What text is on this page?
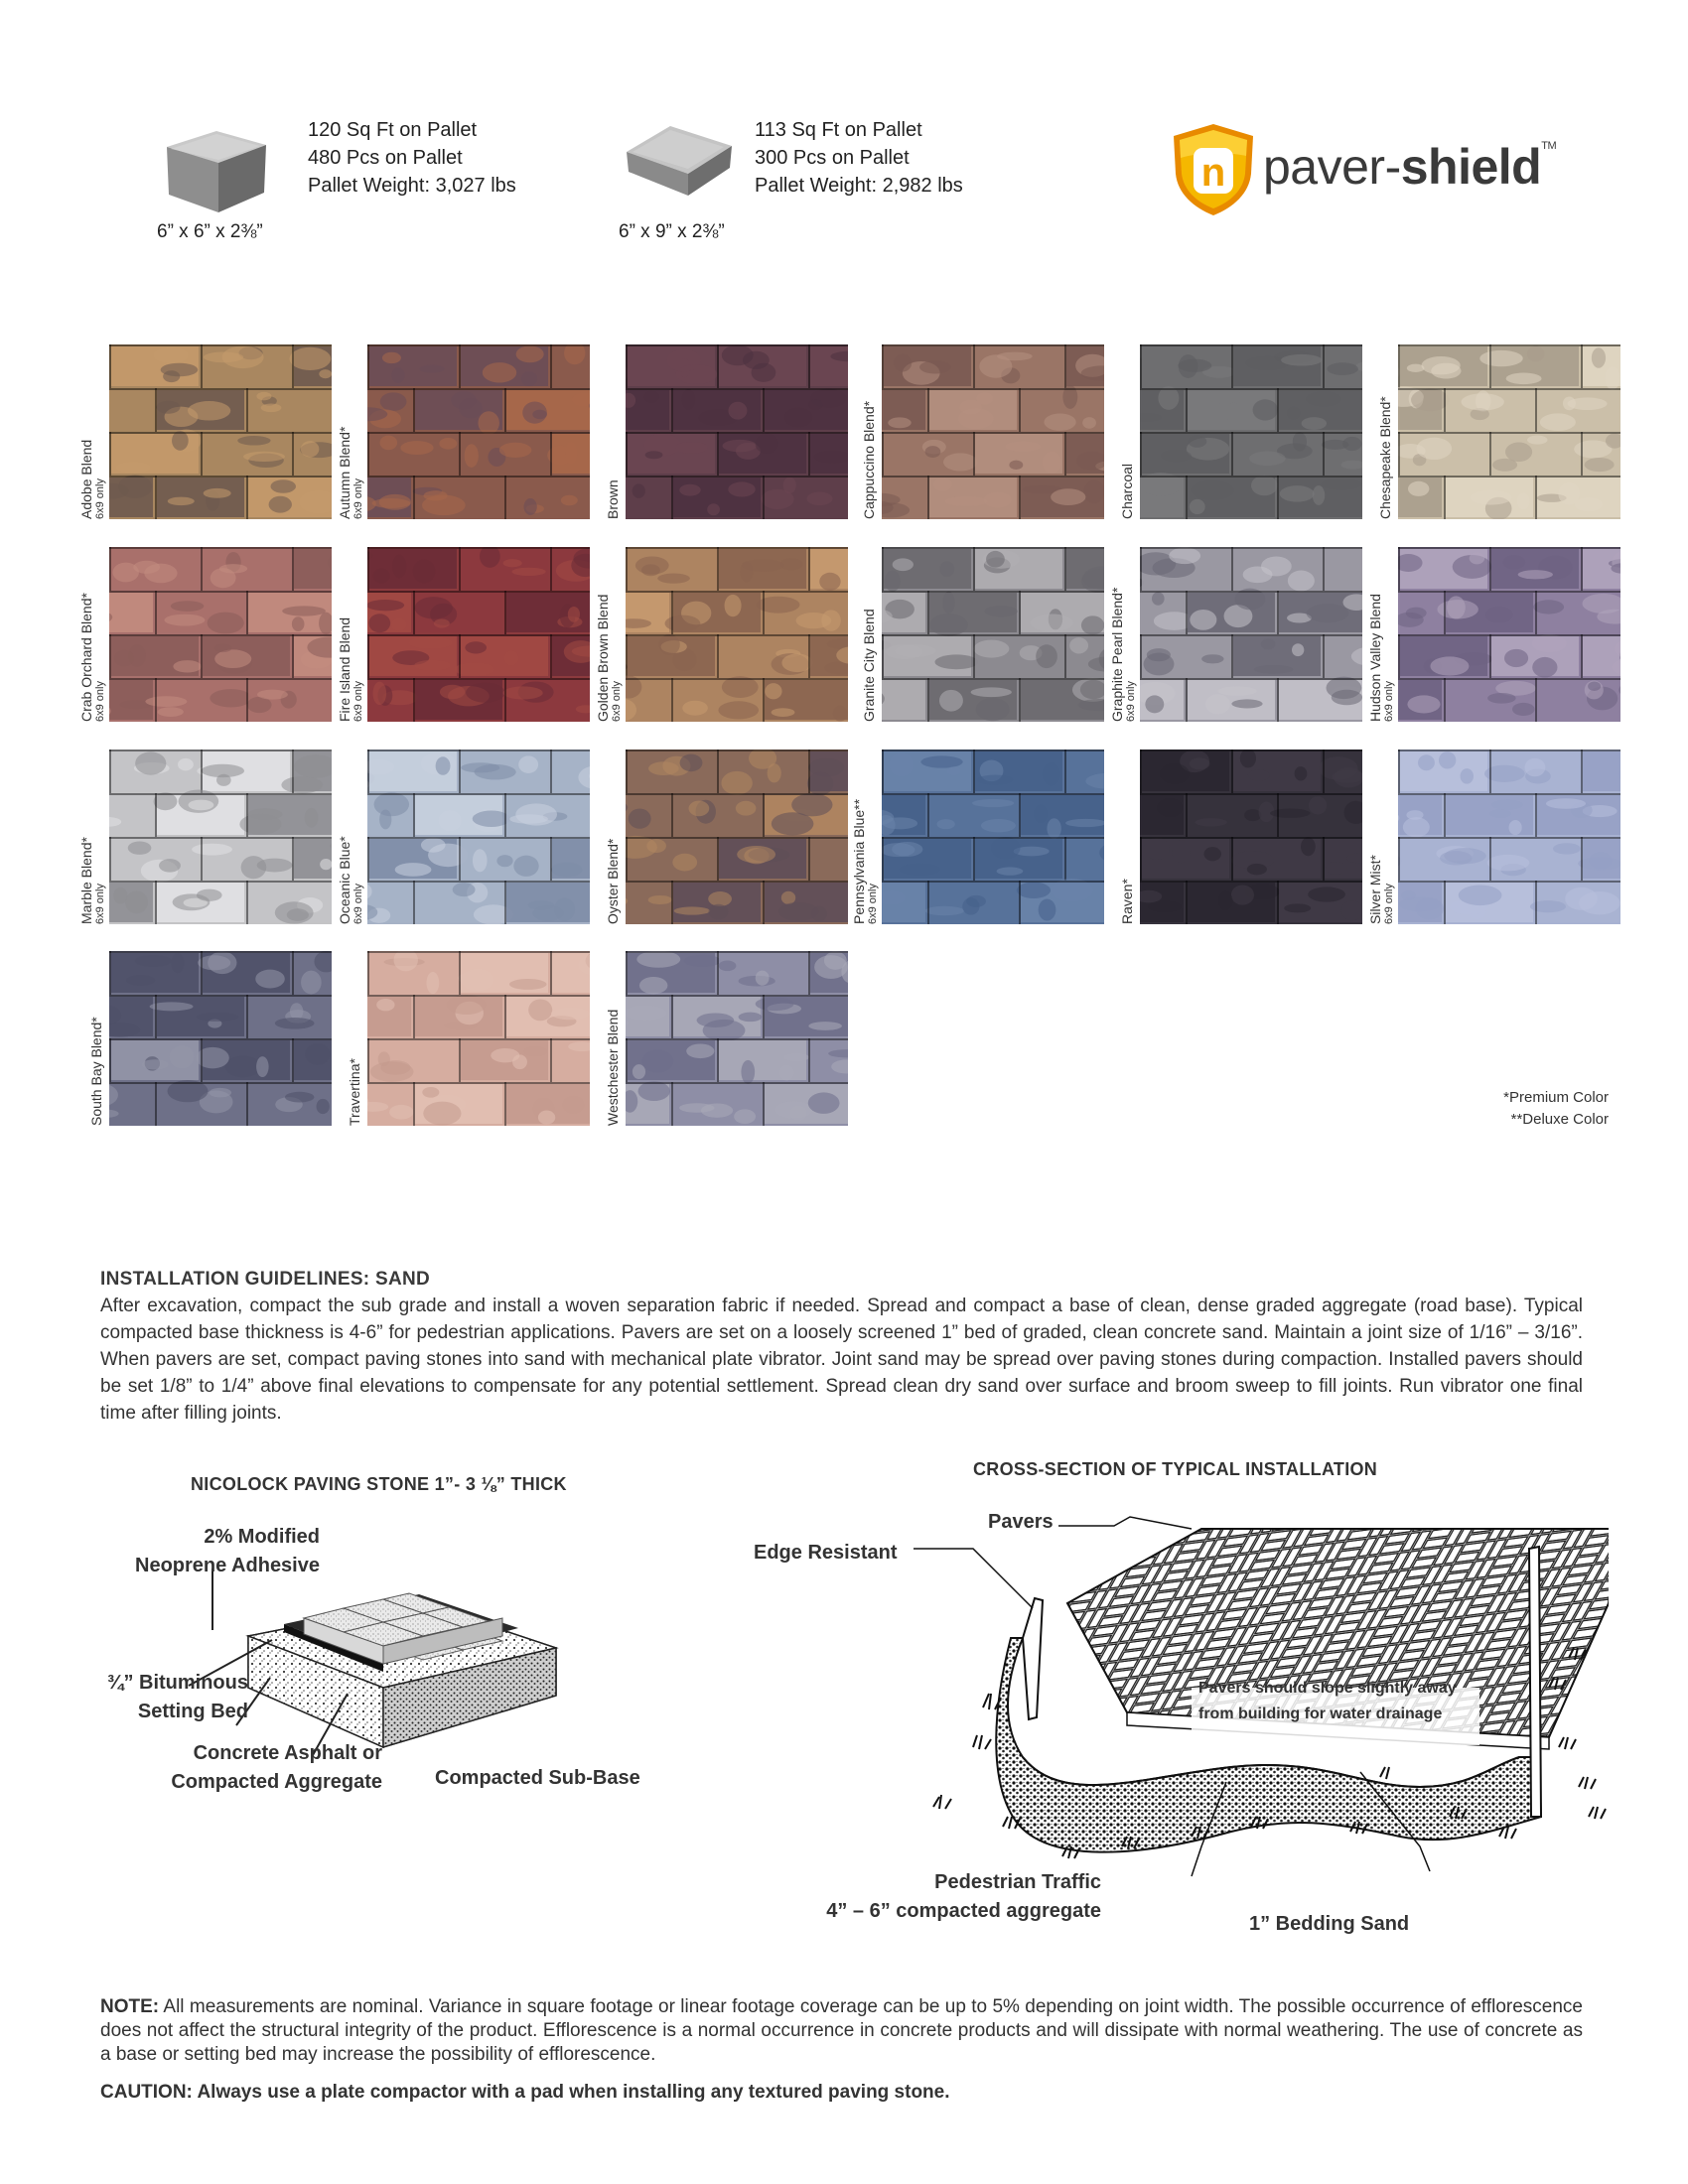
120 Sq Ft on Pallet
480 Pcs on Pallet
Pallet Weight: 3,027 lbs
6” x 6” x 2⅜”
113 Sq Ft on Pallet
300 Pcs on Pallet
Pallet Weight: 2,982 lbs
6” x 9” x 2⅜”
n paver-shield™
Adobe Blend 6x9 only	Autumn Blend* 6x9 only	Brown	Cappuccino Blend*	Charcoal	Chesapeake Blend*
Crab Orchard Blend* 6x9 only	Fire Island Blend 6x9 only	Golden Brown Blend 6x9 only	Granite City Blend	Graphite Pearl Blend* 6x9 only	Hudson Valley Blend 6x9 only
Marble Blend* 6x9 only	Oceanic Blue* 6x9 only	Oyster Blend*	Pennsylvania Blue** 6x9 only	Raven*	Silver Mist* 6x9 only
South Bay Blend*	Travertina*	Westchester Blend	*Premium Color
**Deluxe Color
INSTALLATION GUIDELINES: SAND
After excavation, compact the sub grade and install a woven separation fabric if needed. Spread and compact a base of clean, dense graded aggregate (road base). Typical compacted base thickness is 4-6” for pedestrian applications. Pavers are set on a loosely screened 1” bed of graded, clean concrete sand. Maintain a joint size of 1/16” – 3/16”. When pavers are set, compact paving stones into sand with mechanical plate vibrator. Joint sand may be spread over paving stones during compaction. Installed pavers should be set 1/8” to 1/4” above final elevations to compensate for any potential settlement. Spread clean dry sand over surface and broom sweep to fill joints. Run vibrator one final time after filling joints.
NICOLOCK PAVING STONE 1”- 3 ⅛” THICK
2% Modified
Neoprene Adhesive
¾” Bituminous
Setting Bed
Concrete Asphalt or
Compacted Aggregate	Compacted Sub-Base
CROSS-SECTION OF TYPICAL INSTALLATION
Pavers
Edge Resistant
Pavers should slope slightly away
from building for water drainage
Pedestrian Traffic
4” – 6” compacted aggregate
1” Bedding Sand
NOTE: All measurements are nominal. Variance in square footage or linear footage coverage can be up to 5% depending on joint width. The possible occurrence of efflorescence does not affect the structural integrity of the product. Efflorescence is a normal occurrence in concrete products and will dissipate with normal weathering. The use of concrete as a base or setting bed may increase the possibility of efflorescence.
CAUTION: Always use a plate compactor with a pad when installing any textured paving stone.
